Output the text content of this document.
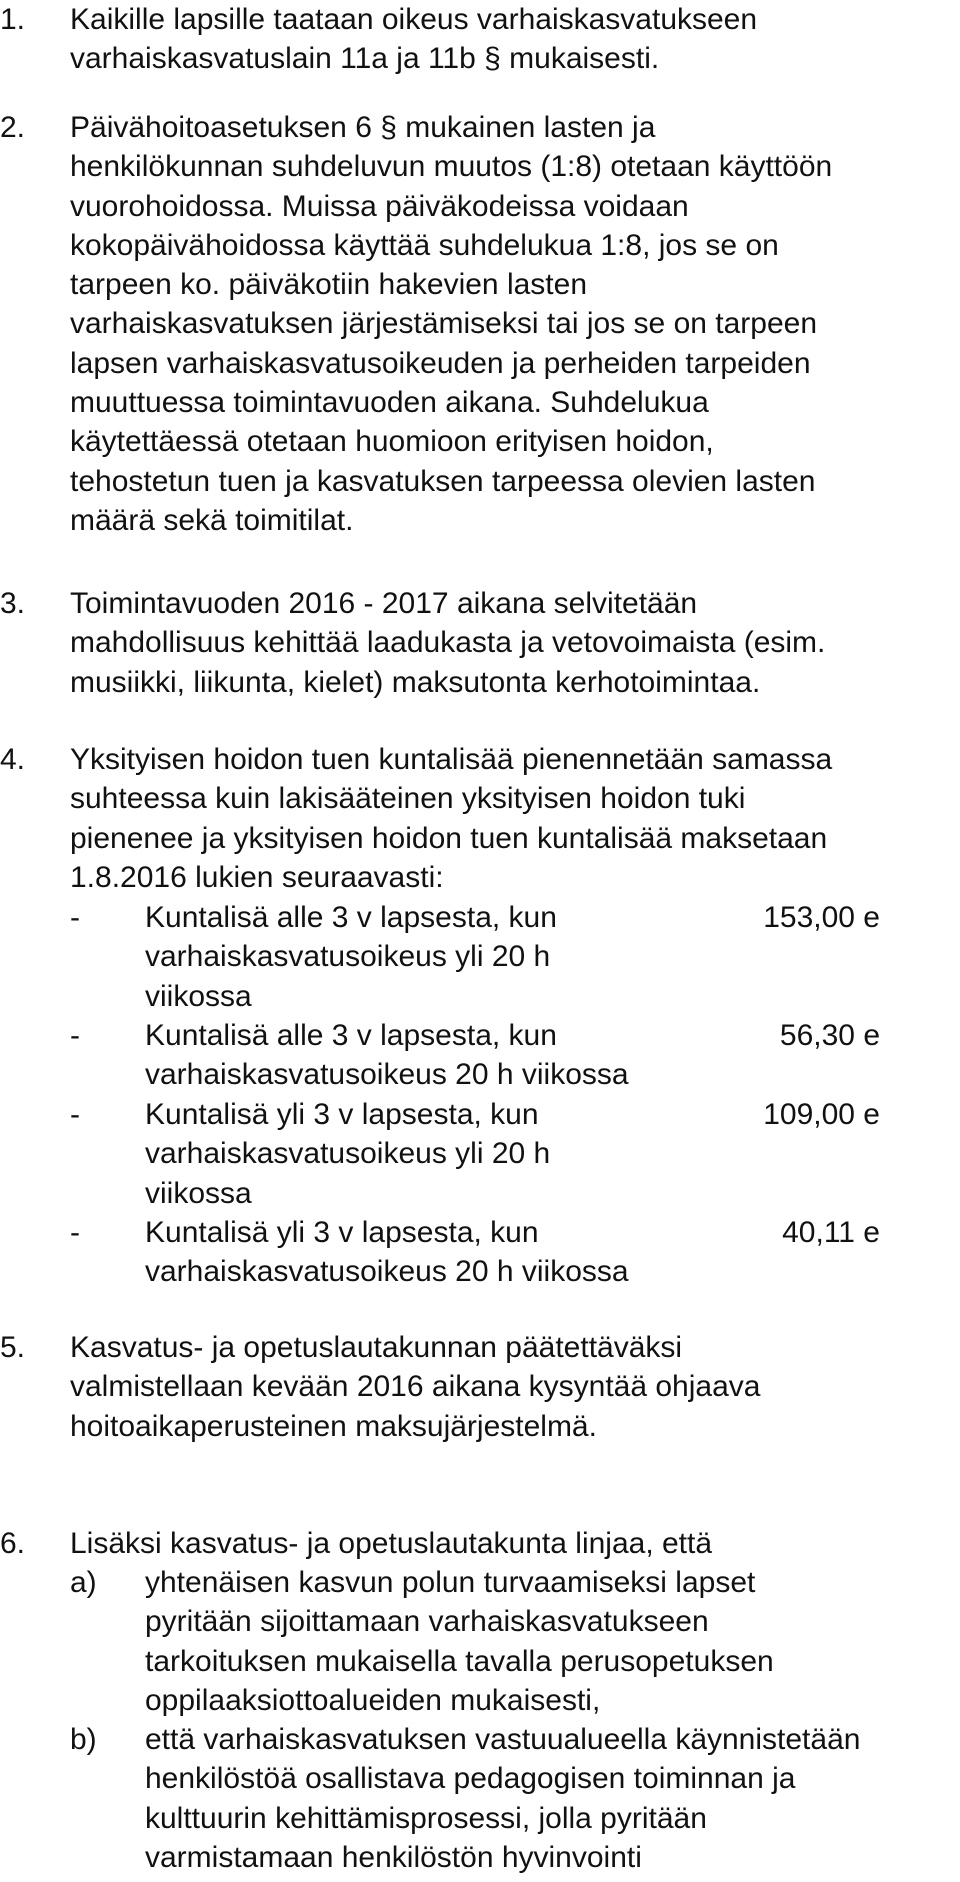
1.	Kaikille lapsille taataan oikeus varhaiskasvatukseen
varhaiskasvatuslain 11a ja 11b § mukaisesti.
2.	Päivähoitoasetuksen 6 § mukainen lasten ja
henkilökunnan suhdeluvun muutos (1:8) otetaan käyttöön
vuorohoidossa. Muissa päiväkodeissa voidaan
kokopäivähoidossa käyttää suhdelukua 1:8, jos se on
tarpeen ko. päiväkotiin hakevien lasten
varhaiskasvatuksen järjestämiseksi tai jos se on tarpeen
lapsen varhaiskasvatusoikeuden ja perheiden tarpeiden
muuttuessa toimintavuoden aikana. Suhdelukua
käytettäessä otetaan huomioon erityisen hoidon,
tehostetun tuen ja kasvatuksen tarpeessa olevien lasten
määrä sekä toimitilat.
3.	Toimintavuoden 2016 - 2017 aikana selvitetään
mahdollisuus kehittää laadukasta ja vetovoimaista (esim.
musiikki, liikunta, kielet) maksutonta kerhotoimintaa.
4.	Yksityisen hoidon tuen kuntalisää pienennetään samassa
suhteessa kuin lakisääteinen yksityisen hoidon tuki
pienenee ja yksityisen hoidon tuen kuntalisää maksetaan
1.8.2016 lukien seuraavasti:
- Kuntalisä alle 3 v lapsesta, kun
varhaiskasvatusoikeus yli 20 h
viikossa
153,00 e
- Kuntalisä alle 3 v lapsesta, kun
varhaiskasvatusoikeus 20 h viikossa
56,30 e
- Kuntalisä yli 3 v lapsesta, kun
varhaiskasvatusoikeus yli 20 h
viikossa
109,00 e
- Kuntalisä yli 3 v lapsesta, kun
varhaiskasvatusoikeus 20 h viikossa
40,11 e
5.	Kasvatus- ja opetuslautakunnan päätettäväksi
valmistellaan kevään 2016 aikana kysyntää ohjaava
hoitoaikaperusteinen maksujärjestelmä.
6.	Lisäksi kasvatus- ja opetuslautakunta linjaa, että
a) yhtenäisen kasvun polun turvaamiseksi lapset
pyritään sijoittamaan varhaiskasvatukseen
tarkoituksen mukaisella tavalla perusopetuksen
oppilaaksiottoalueiden mukaisesti,
b) että varhaiskasvatuksen vastuualueella käynnistetään
henkilöstöä osallistava pedagogisen toiminnan ja
kulttuurin kehittämisprosessi, jolla pyritään
varmistamaan henkilöstön hyvinvointi
